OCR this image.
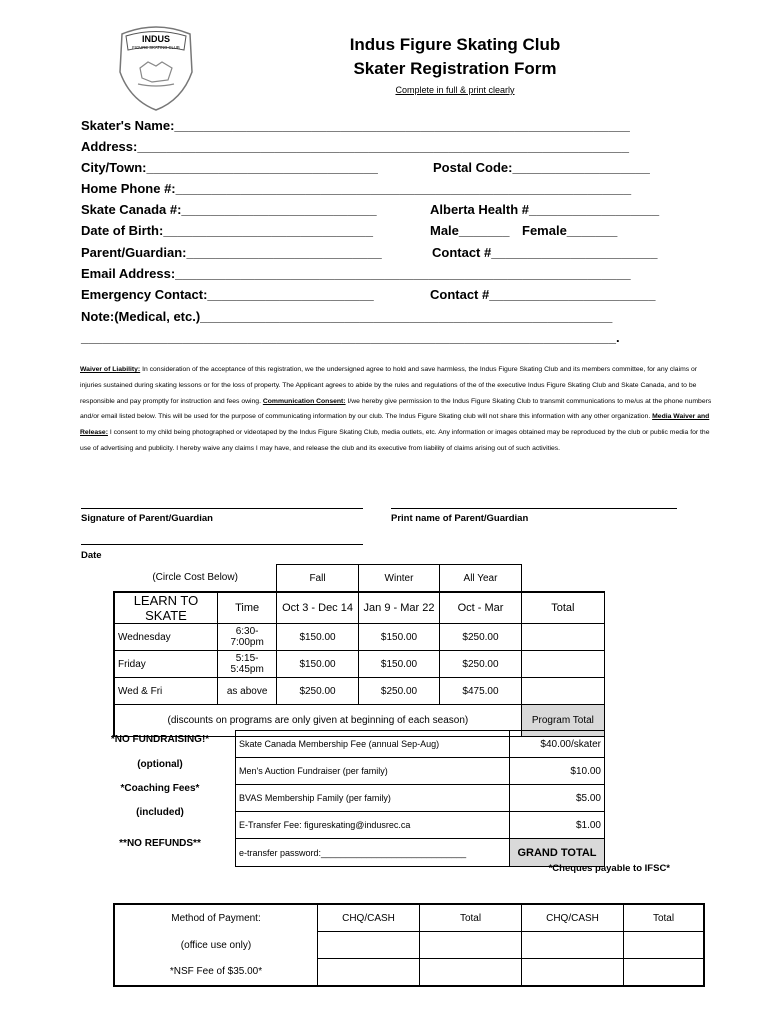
INDUS
FIGURE SKATING CLUB	Indus Figure Skating Club
Skater Registration Form
Complete in full & print clearly
Skater's Name:_______________________________________________________________
Address:____________________________________________________________________
City/Town:________________________________	Postal Code:___________________
Home Phone #:_______________________________________________________________
Skate Canada #:___________________________	Alberta Health #__________________
Date of Birth:_____________________________	Male_______ Female_______
Parent/Guardian:___________________________	Contact #_______________________
Email Address:_______________________________________________________________
Emergency Contact:_______________________	Contact #_______________________
Note:(Medical, etc.)_________________________________________________________
__________________________________________________________________________.
Waiver of Liability: In consideration of the acceptance of this registration, we the undersigned agree to hold and save harmless, the Indus Figure Skating Club and its members committee, for any claims or injuries sustained during skating lessons or for the loss of property. The Applicant agrees to abide by the rules and regulations of the of the executive Indus Figure Skating Club and Skate Canada, and to be responsible and pay promptly for instruction and fees owing. Communication Consent: I/we hereby give permission to the Indus Figure Skating Club to transmit communications to me/us at the phone numbers and/or email listed below. This will be used for the purpose of communicating information by our club. The Indus Figure Skating club will not share this information with any other organization. Media Waiver and Release: I consent to my child being photographed or videotaped by the Indus Figure Skating Club, media outlets, etc. Any information or images obtained may be reproduced by the club or public media for the use of advertising and publicity. I hereby waive any claims I may have, and release the club and its executive from liability of claims arising out of such activities.
Signature of Parent/Guardian	Print name of Parent/Guardian
Date
(Circle Cost Below)		Fall	Winter	All Year	
LEARN TO SKATE	Time	Oct 3 - Dec 14	Jan 9 - Mar 22	Oct - Mar	Total
Wednesday	6:30-7:00pm	$150.00	$150.00	$250.00	
Friday	5:15-5:45pm	$150.00	$150.00	$250.00	
Wed & Fri	as above	$250.00	$250.00	$475.00	
(discounts on programs are only given at beginning of each season)					Program Total
*NO FUNDRAISING!*
(optional)
*Coaching Fees*
(included)
**NO REFUNDS**
Skate Canada Membership Fee (annual Sep-Aug)	$40.00/skater
Men's Auction Fundraiser (per family)	$10.00
BVAS Membership Family (per family)	$5.00
E-Transfer Fee: figureskating@indusrec.ca	$1.00
e-transfer password:_____________________________	GRAND TOTAL
*Cheques payable to IFSC*
Method of Payment:	CHQ/CASH	Total	CHQ/CASH	Total
(office use only)				
*NSF Fee of $35.00*				
